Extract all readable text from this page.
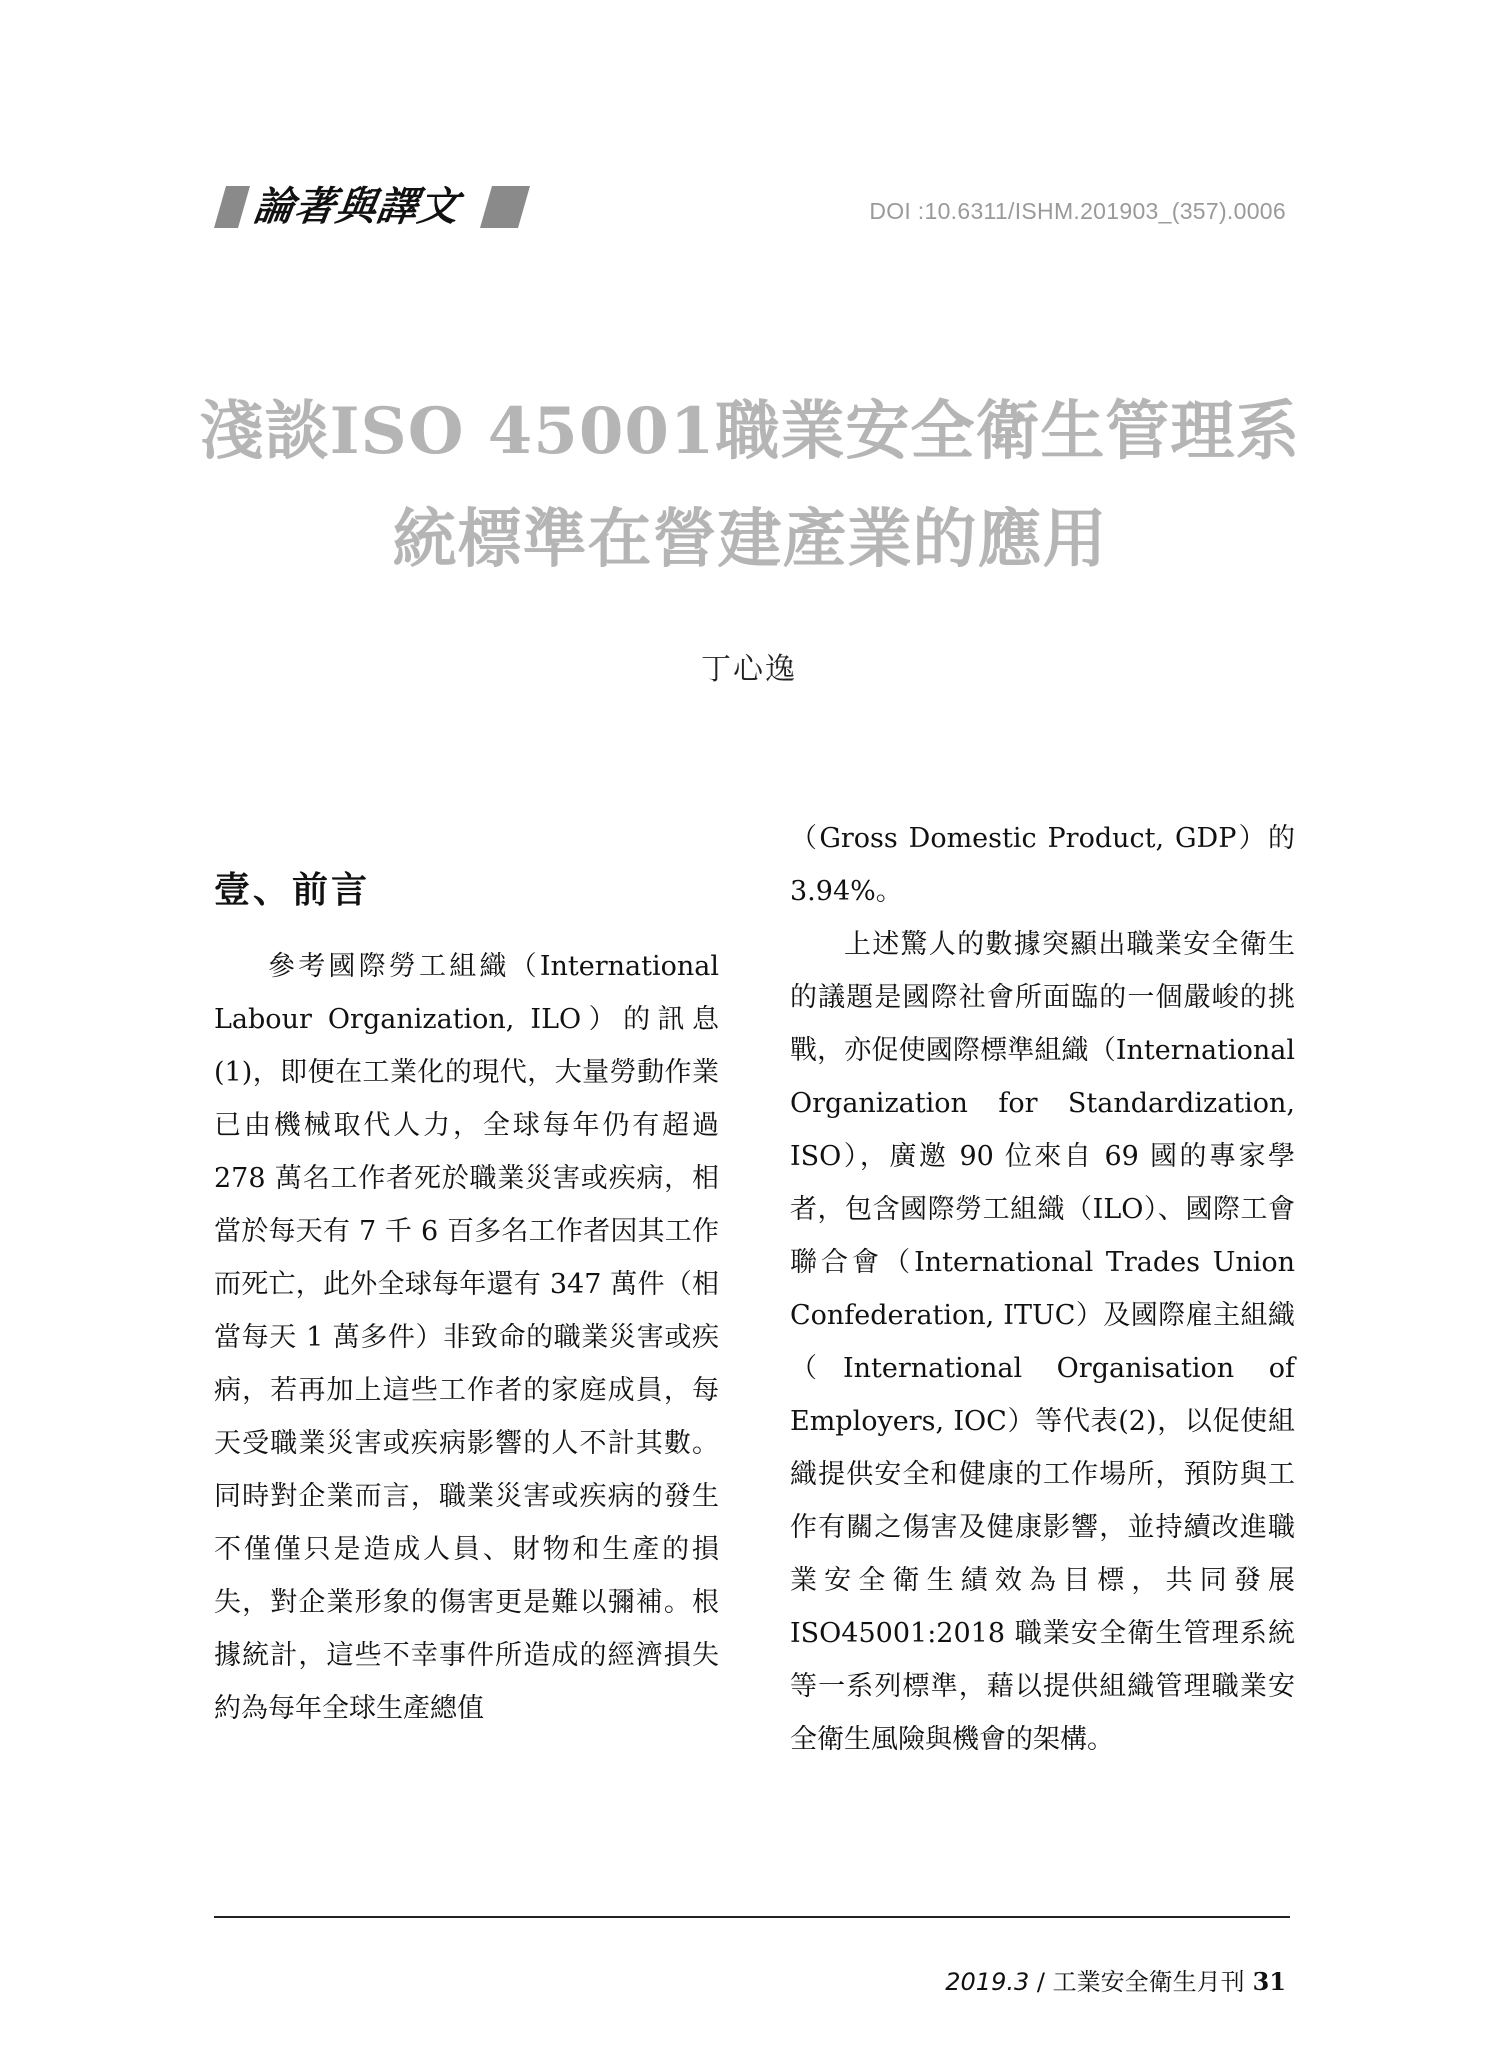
論著與譯文	DOI :10.6311/ISHM.201903_(357).0006
淺談ISO 45001職業安全衛生管理系
統標準在營建產業的應用
丁心逸
壹、前言

參考國際勞工組織（International Labour Organization, ILO）的訊息(1)，即便在工業化的現代，大量勞動作業已由機械取代人力，全球每年仍有超過 278 萬名工作者死於職業災害或疾病，相當於每天有 7 千 6 百多名工作者因其工作而死亡，此外全球每年還有 347 萬件（相當每天 1 萬多件）非致命的職業災害或疾病，若再加上這些工作者的家庭成員，每天受職業災害或疾病影響的人不計其數。同時對企業而言，職業災害或疾病的發生不僅僅只是造成人員、財物和生產的損失，對企業形象的傷害更是難以彌補。根據統計，這些不幸事件所造成的經濟損失約為每年全球生產總值

（Gross Domestic Product, GDP）的3.94%。

上述驚人的數據突顯出職業安全衛生的議題是國際社會所面臨的一個嚴峻的挑戰，亦促使國際標準組織（International Organization for Standardization, ISO），廣邀 90 位來自 69 國的專家學者，包含國際勞工組織（ILO）、國際工會聯合會（International Trades Union Confederation, ITUC）及國際雇主組織（International Organisation of Employers, IOC）等代表(2)，以促使組織提供安全和健康的工作場所，預防與工作有關之傷害及健康影響，並持續改進職業安全衛生績效為目標，共同發展 ISO45001:2018 職業安全衛生管理系統等一系列標準，藉以提供組織管理職業安全衛生風險與機會的架構。

2019.3 / 工業安全衛生月刊 31
